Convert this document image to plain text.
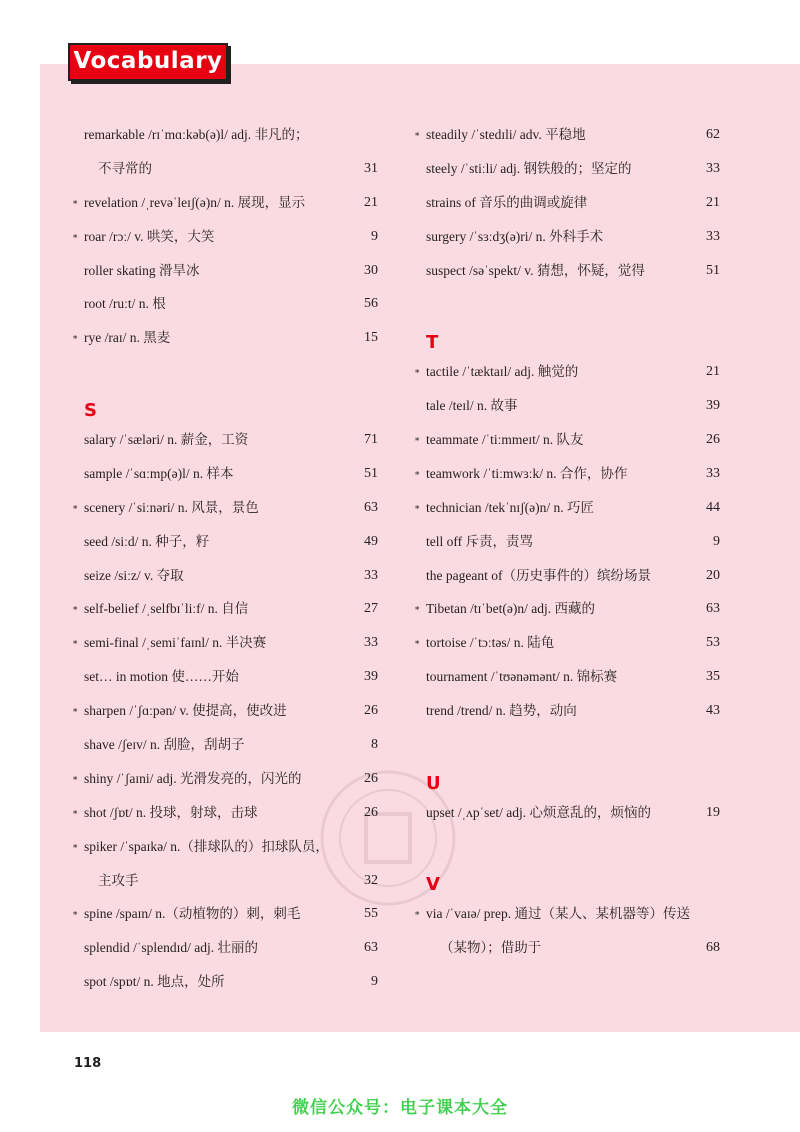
Vocabulary
remarkable /rɪˈmɑːkəb(ə)l/ adj. 非凡的；
不寻常的	31
∗ revelation /ˌrevəˈleɪʃ(ə)n/ n. 展现，显示	21
∗ roar /rɔː/ v. 哄笑，大笑	9
roller skating 滑旱冰	30
root /ruːt/ n. 根	56
∗ rye /raɪ/ n. 黑麦	15
S
salary /ˈsæləri/ n. 薪金，工资	71
sample /ˈsɑːmp(ə)l/ n. 样本	51
∗ scenery /ˈsiːnəri/ n. 风景，景色	63
seed /siːd/ n. 种子，籽	49
seize /siːz/ v. 夺取	33
∗ self-belief /ˌselfbɪˈliːf/ n. 自信	27
∗ semi-final /ˌsemiˈfaɪnl/ n. 半决赛	33
set… in motion 使……开始	39
∗ sharpen /ˈʃɑːpən/ v. 使提高，使改进	26
shave /ʃeɪv/ n. 刮脸，刮胡子	8
∗ shiny /ˈʃaɪni/ adj. 光滑发亮的，闪光的	26
∗ shot /ʃɒt/ n. 投球，射球，击球	26
∗ spiker /ˈspaɪkə/ n.（排球队的）扣球队员，
主攻手	32
∗ spine /spaɪn/ n.（动植物的）刺，刺毛	55
splendid /ˈsplendɪd/ adj. 壮丽的	63
spot /spɒt/ n. 地点，处所	9
∗ steadily /ˈstedɪli/ adv. 平稳地	62
steely /ˈstiːli/ adj. 钢铁般的；坚定的	33
strains of 音乐的曲调或旋律	21
surgery /ˈsɜːdʒ(ə)ri/ n. 外科手术	33
suspect /səˈspekt/ v. 猜想，怀疑，觉得	51
T
∗ tactile /ˈtæktaɪl/ adj. 触觉的	21
tale /teɪl/ n. 故事	39
∗ teammate /ˈtiːmmeɪt/ n. 队友	26
∗ teamwork /ˈtiːmwɜːk/ n. 合作，协作	33
∗ technician /tekˈnɪʃ(ə)n/ n. 巧匠	44
tell off 斥责，责骂	9
the pageant of（历史事件的）缤纷场景	20
∗ Tibetan /tɪˈbet(ə)n/ adj. 西藏的	63
∗ tortoise /ˈtɔːtəs/ n. 陆龟	53
tournament /ˈtʊənəmənt/ n. 锦标赛	35
trend /trend/ n. 趋势，动向	43
U
upset /ˌʌpˈset/ adj. 心烦意乱的，烦恼的	19
V
∗ via /ˈvaɪə/ prep. 通过（某人、某机器等）传送
（某物）；借助于	68
118
微信公众号：电子课本大全
